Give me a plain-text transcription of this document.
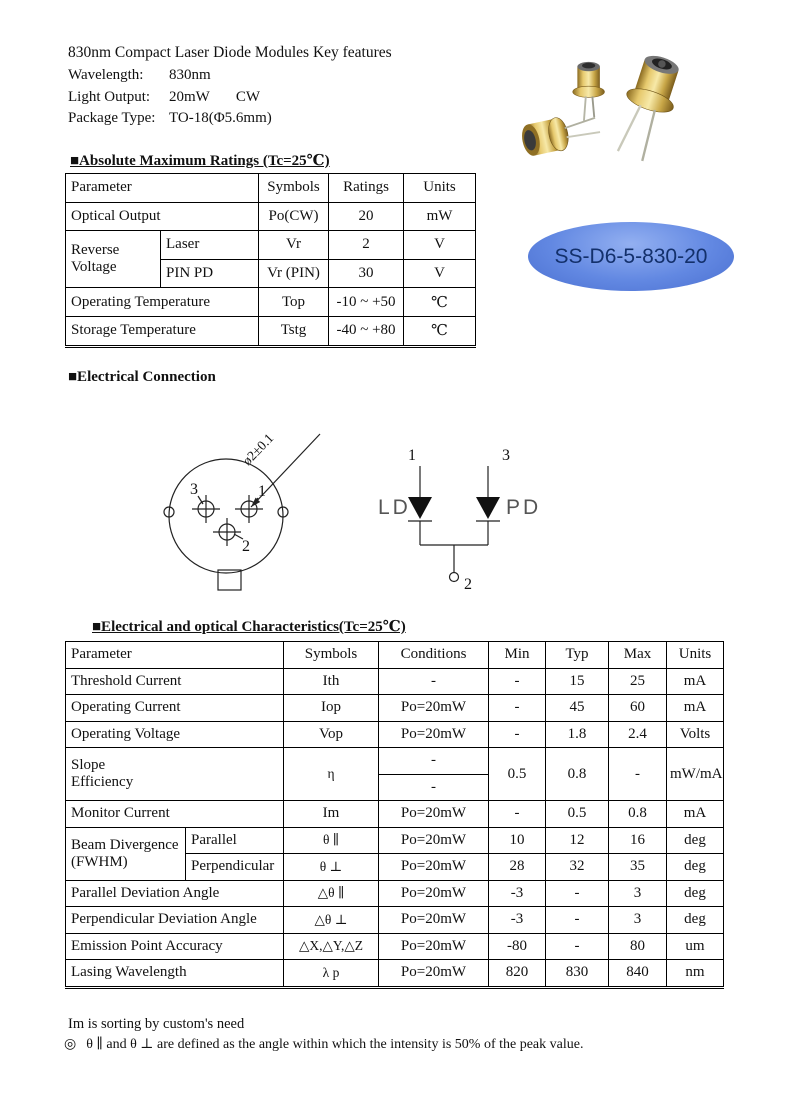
830nm Compact Laser Diode Modules Key features
Wavelength: 830nm
Light Output: 20mW CW
Package Type: TO-18(Φ5.6mm)
SS-D6-5-830-20
■Absolute Maximum Ratings (Tc=25℃)
Parameter		Symbols	Ratings	Units
Optical Output		Po(CW)	20	mW

Reverse
Voltage	Laser	Vr	2	V
	PIN PD	Vr (PIN)	30	V
Operating Temperature		Top	-10 ~ +50	℃
Storage Temperature		Tstg	-40 ~ +80	℃
■Electrical Connection
ø2±0.1
3	1
2
1	3
2
LD	PD
■Electrical and optical Characteristics(Tc=25℃)
Parameter		Symbols	Conditions	Min	Typ	Max	Units
Threshold Current		Ith	-	-	15	25	mA
Operating Current		Iop	Po=20mW	-	45	60	mA
Operating Voltage		Vop	Po=20mW	-	1.8	2.4	Volts

Slope
Efficiency		η	-	0.5	0.8	-	mW/mA
			-				
Monitor Current		Im	Po=20mW	-	0.5	0.8	mA

Beam Divergence
(FWHM)	Parallel	θ ∥	Po=20mW	10	12	16	deg
	Perpendicular	θ ⊥	Po=20mW	28	32	35	deg
Parallel Deviation Angle		△θ ∥	Po=20mW	-3	-	3	deg
Perpendicular Deviation Angle		△θ ⊥	Po=20mW	-3	-	3	deg
Emission Point Accuracy		△X,△Y,△Z	Po=20mW	-80	-	80	um
Lasing Wavelength		λ p	Po=20mW	820	830	840	nm
Im is sorting by custom's need
◎ θ ∥ and θ ⊥ are defined as the angle within which the intensity is 50% of the peak value.
